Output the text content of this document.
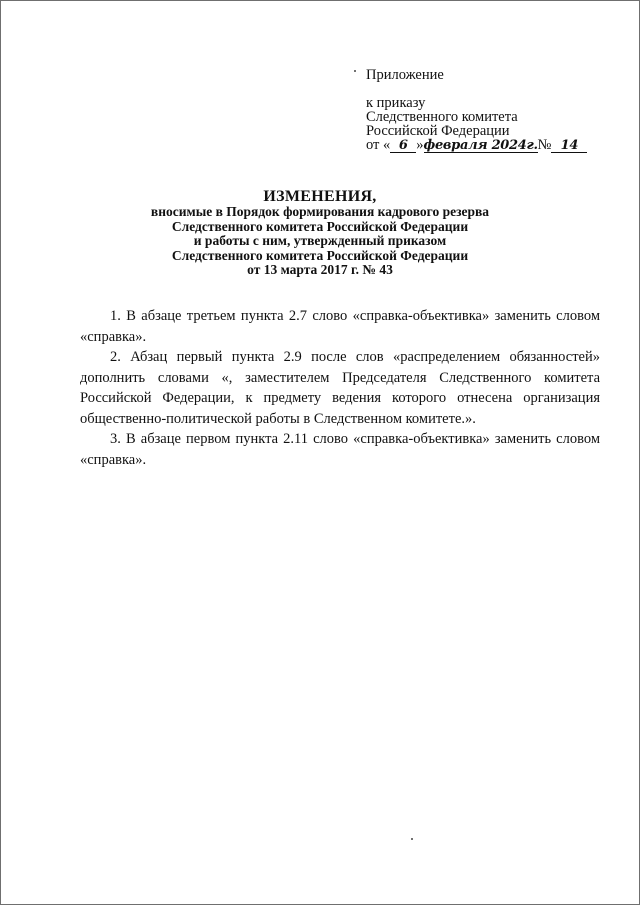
Приложение
к приказу
Следственного комитета
Российской Федерации
от « 6 »февраля 2024г.№ 14
ИЗМЕНЕНИЯ,
вносимые в Порядок формирования кадрового резерва
Следственного комитета Российской Федерации
и работы с ним, утвержденный приказом
Следственного комитета Российской Федерации
от 13 марта 2017 г. № 43

1. В абзаце третьем пункта 2.7 слово «справка-объективка» заменить словом «справка».

2. Абзац первый пункта 2.9 после слов «распределением обязанностей» дополнить словами «, заместителем Председателя Следственного комитета Российской Федерации, к предмету ведения которого отнесена организация общественно-политической работы в Следственном комитете.».

3. В абзаце первом пункта 2.11 слово «справка-объективка» заменить словом «справка».
